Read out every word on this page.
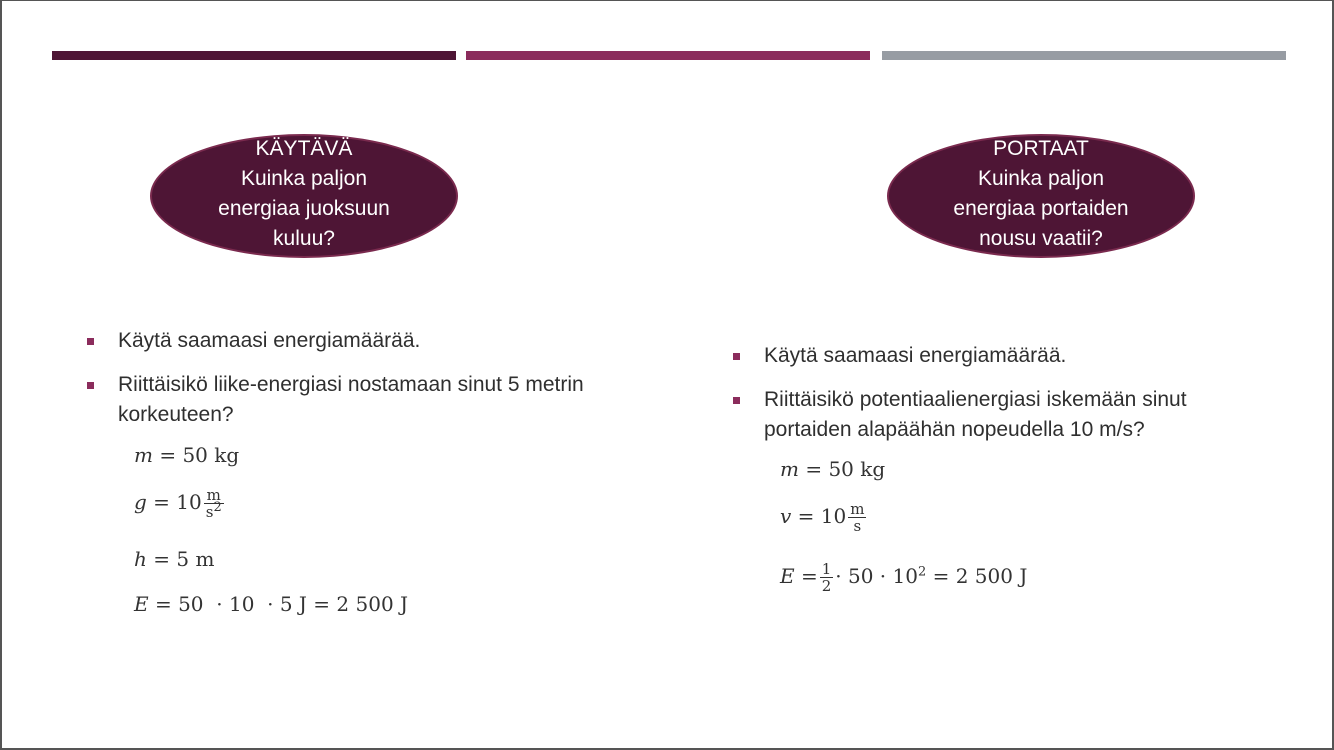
KÄYTÄVÄ
Kuinka paljon
energiaa juoksuun
kuluu?
PORTAAT
Kuinka paljon
energiaa portaiden
nousu vaatii?
Käytä saamaasi energiamäärää.
Riittäisikö liike-energiasi nostamaan sinut 5 metrin korkeuteen?
m = 50 kg
$g = 10 \frac{m}{s2}$
h = 5 m
E = 50  · 10  · 5 J = 2 500 J
Käytä saamaasi energiamäärää.
Riittäisikö potentiaalienergiasi iskemään sinut portaiden alapäähän nopeudella 10 m/s?
m = 50 kg
$v = 10 \frac{m}{s}$
$E = \frac{1}{2} \cdot 50 \cdot 10^2 = 2$ 500 J
